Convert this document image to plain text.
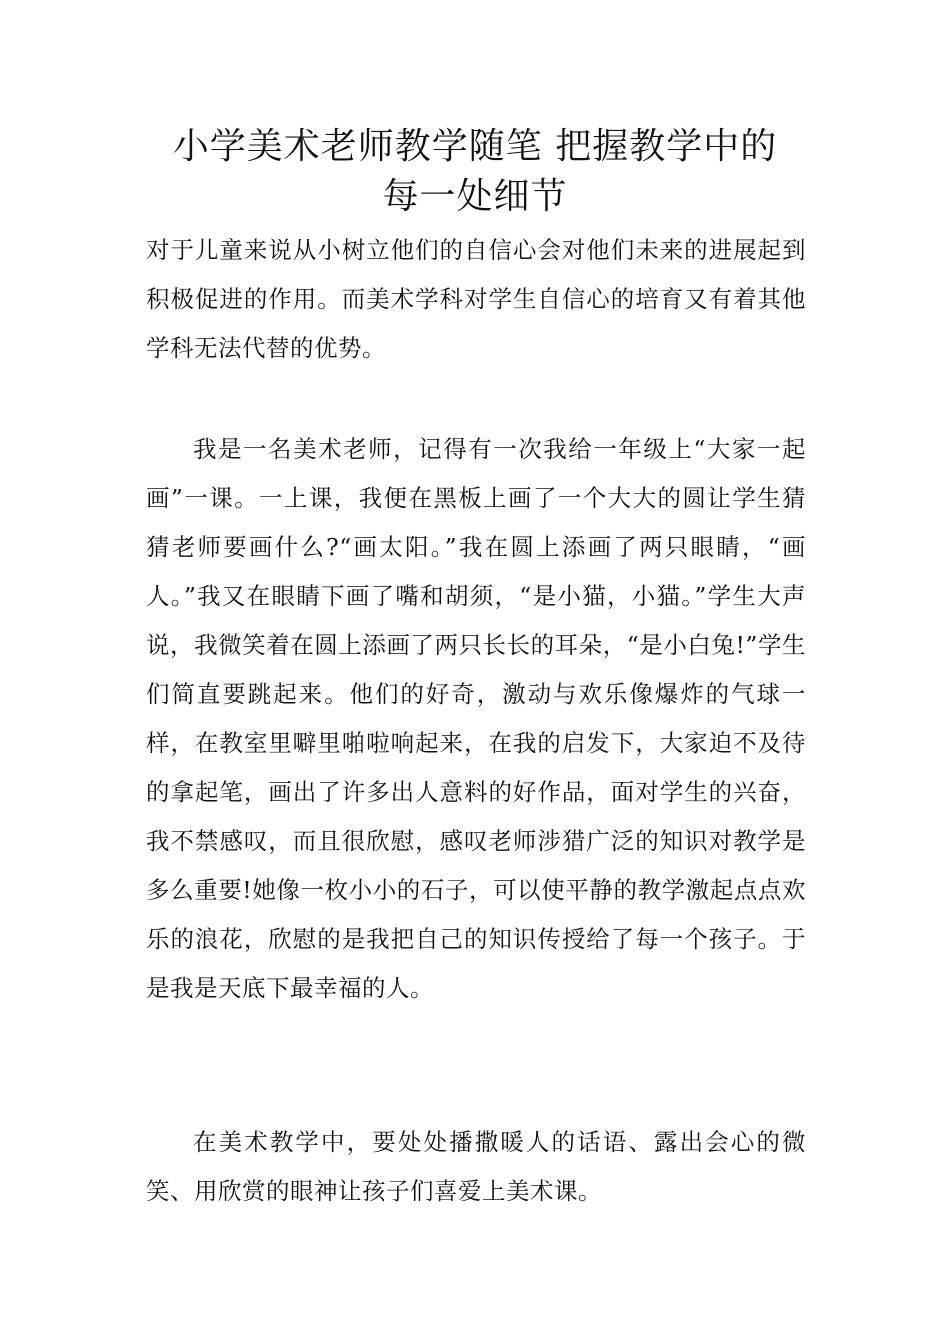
小学美术老师教学随笔 把握教学中的
每一处细节

对于儿童来说从小树立他们的自信心会对他们未来的进展起到积极促进的作用。而美术学科对学生自信心的培育又有着其他学科无法代替的优势。

我是一名美术老师，记得有一次我给一年级上“大家一起画”一课。一上课，我便在黑板上画了一个大大的圆让学生猜猜老师要画什么?“画太阳。”我在圆上添画了两只眼睛，“画人。”我又在眼睛下画了嘴和胡须，“是小猫，小猫。”学生大声说，我微笑着在圆上添画了两只长长的耳朵，“是小白兔!”学生们简直要跳起来。他们的好奇，激动与欢乐像爆炸的气球一样，在教室里噼里啪啦响起来，在我的启发下，大家迫不及待的拿起笔，画出了许多出人意料的好作品，面对学生的兴奋，我不禁感叹，而且很欣慰，感叹老师涉猎广泛的知识对教学是多么重要!她像一枚小小的石子，可以使平静的教学激起点点欢乐的浪花，欣慰的是我把自己的知识传授给了每一个孩子。于是我是天底下最幸福的人。

在美术教学中，要处处播撒暖人的话语、露出会心的微笑、用欣赏的眼神让孩子们喜爱上美术课。
